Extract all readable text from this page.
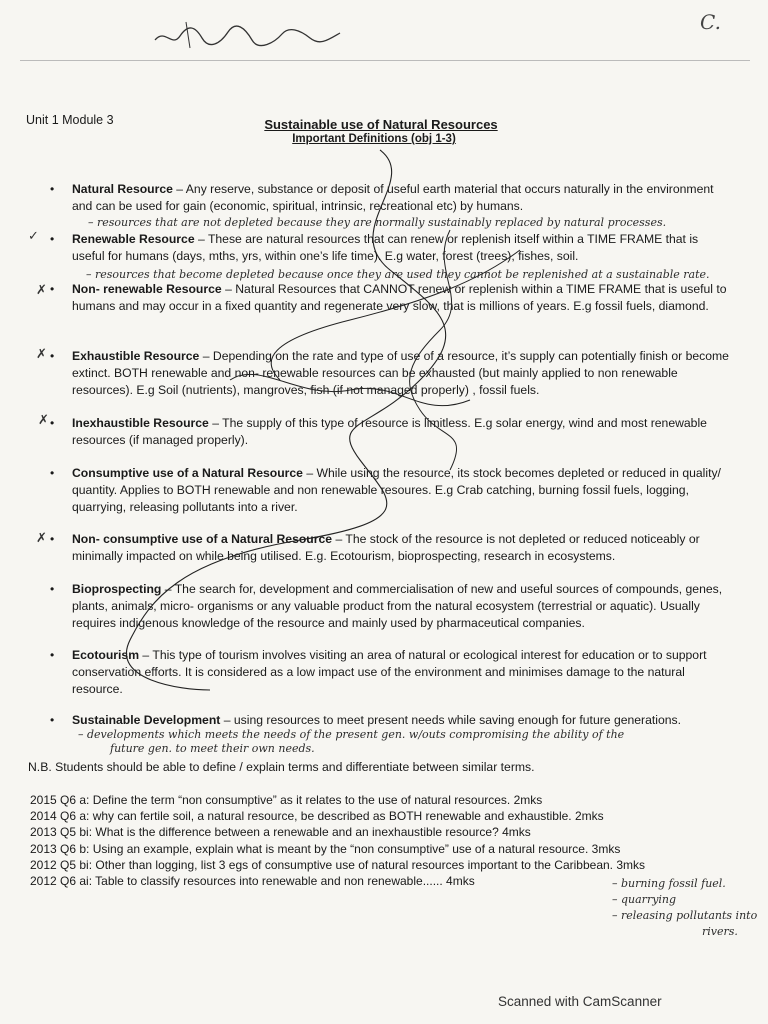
C.
Unit 1 Module 3	Sustainable use of Natural Resources
Important Definitions (obj 1-3)
• Natural Resource – Any reserve, substance or deposit of useful earth material that occurs naturally in the environment and can be used for gain (economic, spiritual, intrinsic, recreational etc) by humans.
– resources that are not depleted because they are normally sustainably replaced by natural processes.
• Renewable Resource – These are natural resources that can renew or replenish itself within a TIME FRAME that is useful for humans (days, mths, yrs, within one’s life time). E.g water, forest (trees), fishes, soil.
– resources that become depleted because once they are used they cannot be replenished at a sustainable rate.
• Non- renewable Resource – Natural Resources that CANNOT renew or replenish within a TIME FRAME that is useful to humans and may occur in a fixed quantity and regenerate very slow, that is millions of years. E.g fossil fuels, diamond.
• Exhaustible Resource – Depending on the rate and type of use of a resource, it’s supply can potentially finish or become extinct. BOTH renewable and non- renewable resources can be exhausted (but mainly applied to non renewable resources). E.g Soil (nutrients), mangroves, fish (if not managed properly) , fossil fuels.
• Inexhaustible Resource – The supply of this type of resource is limitless. E.g solar energy, wind and most renewable resources (if managed properly).
• Consumptive use of a Natural Resource – While using the resource, its stock becomes depleted or reduced in quality/ quantity. Applies to BOTH renewable and non renewable resoures. E.g Crab catching, burning fossil fuels, logging, quarrying, releasing pollutants into a river.
• Non- consumptive use of a Natural Resource – The stock of the resource is not depleted or reduced noticeably or minimally impacted on while being utilised. E.g. Ecotourism, bioprospecting, research in ecosystems.
• Bioprospecting – The search for, development and commercialisation of new and useful sources of compounds, genes, plants, animals, micro- organisms or any valuable product from the natural ecosystem (terrestrial or aquatic). Usually requires indigenous knowledge of the resource and mainly used by pharmaceutical companies.
• Ecotourism – This type of tourism involves visiting an area of natural or ecological interest for education or to support conservation efforts. It is considered as a low impact use of the environment and minimises damage to the natural resource.
• Sustainable Development – using resources to meet present needs while saving enough for future generations.
– developments which meets the needs of the present gen. w/outs compromising the ability of the
future gen. to meet their own needs.
✓
✗
✗
✗
✗
N.B. Students should be able to define / explain terms and differentiate between similar terms.
2015 Q6 a: Define the term “non consumptive” as it relates to the use of natural resources. 2mks
2014 Q6 a: why can fertile soil, a natural resource, be described as BOTH renewable and exhaustible. 2mks
2013 Q5 bi: What is the difference between a renewable and an inexhaustible resource? 4mks
2013 Q6 b: Using an example, explain what is meant by the “non consumptive” use of a natural resource. 3mks
2012 Q5 bi: Other than logging, list 3 egs of consumptive use of natural resources important to the Caribbean. 3mks
2012 Q6 ai: Table to classify resources into renewable and non renewable...... 4mks	– burning fossil fuel.
– quarrying
– releasing pollutants into
rivers.
Scanned with CamScanner
